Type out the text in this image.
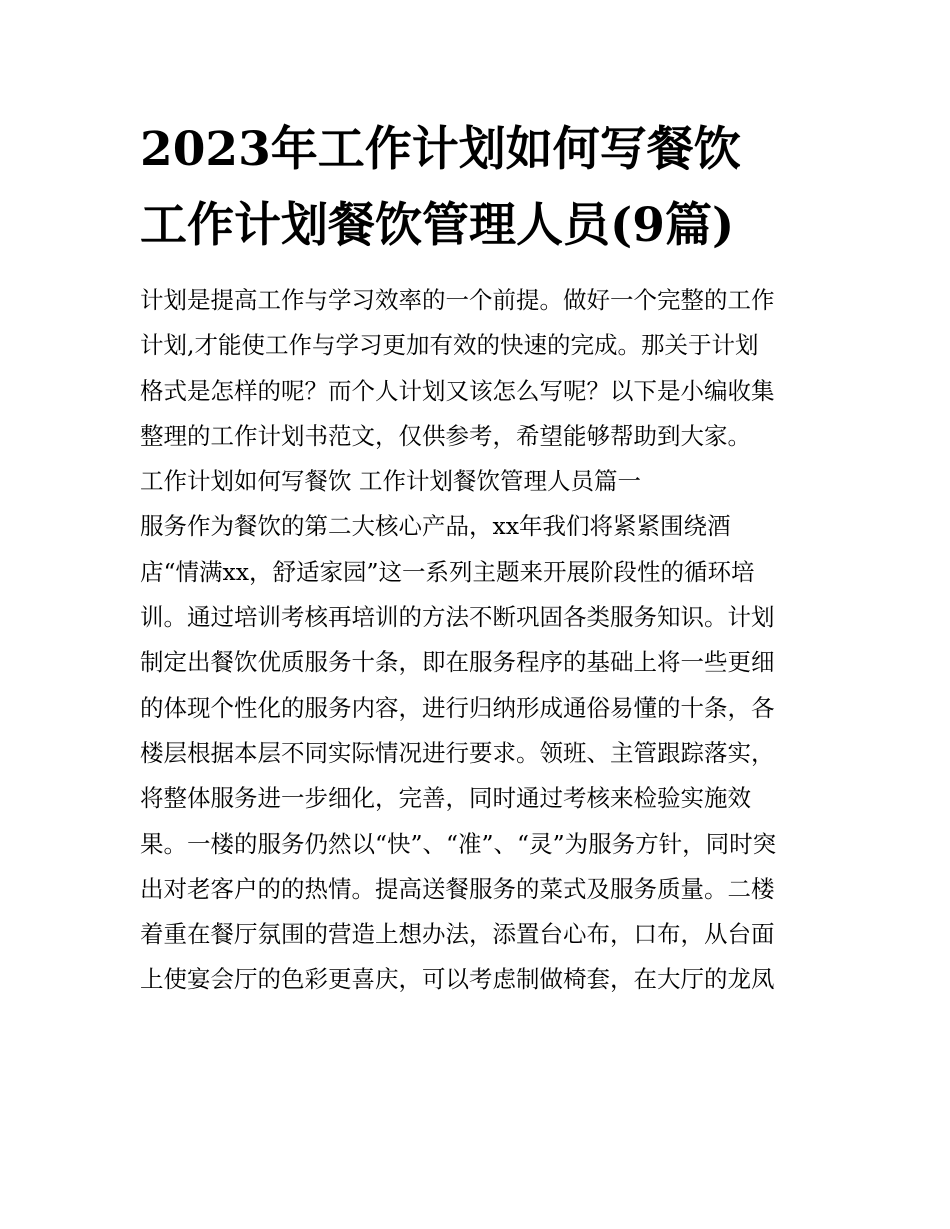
2023年工作计划如何写餐饮
工作计划餐饮管理人员(9篇)
计划是提高工作与学习效率的一个前提。做好一个完整的工作
计划,才能使工作与学习更加有效的快速的完成。那关于计划
格式是怎样的呢？而个人计划又该怎么写呢？以下是小编收集
整理的工作计划书范文，仅供参考，希望能够帮助到大家。
工作计划如何写餐饮 工作计划餐饮管理人员篇一
服务作为餐饮的第二大核心产品，xx年我们将紧紧围绕酒
店“情满xx，舒适家园”这一系列主题来开展阶段性的循环培
训。通过培训考核再培训的方法不断巩固各类服务知识。计划
制定出餐饮优质服务十条，即在服务程序的基础上将一些更细
的体现个性化的服务内容，进行归纳形成通俗易懂的十条，各
楼层根据本层不同实际情况进行要求。领班、主管跟踪落实，
将整体服务进一步细化，完善，同时通过考核来检验实施效
果。一楼的服务仍然以“快”、“准”、“灵”为服务方针，同时突
出对老客户的的热情。提高送餐服务的菜式及服务质量。二楼
着重在餐厅氛围的营造上想办法，添置台心布，口布，从台面
上使宴会厅的色彩更喜庆，可以考虑制做椅套，在大厅的龙凤
